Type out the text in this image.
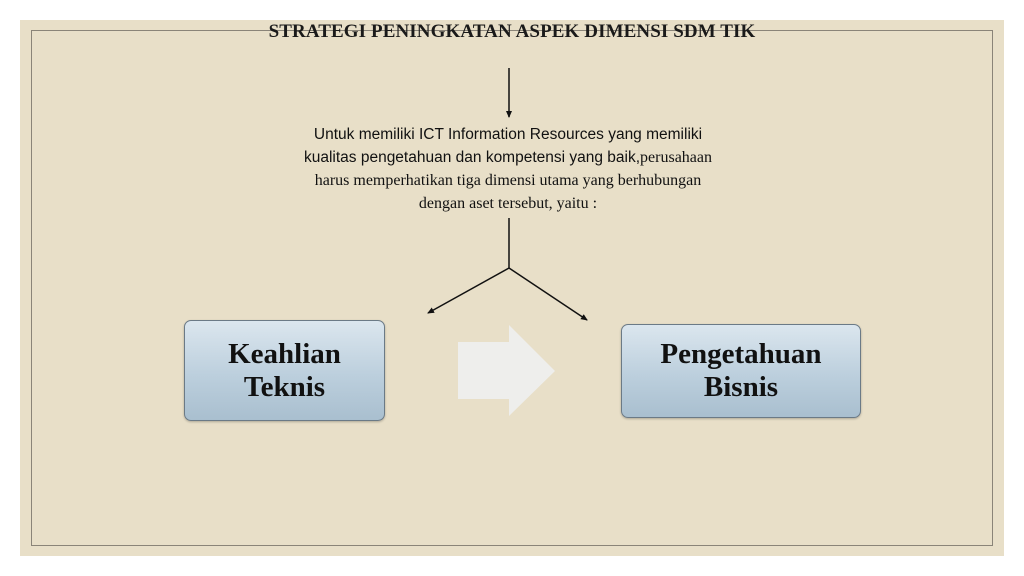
STRATEGI PENINGKATAN ASPEK DIMENSI SDM TIK
Untuk memiliki ICT Information Resources yang memiliki
kualitas pengetahuan dan kompetensi yang baik,perusahaan
harus memperhatikan tiga dimensi utama yang berhubungan
dengan aset tersebut, yaitu :
Keahlian
Teknis
Pengetahuan
Bisnis
